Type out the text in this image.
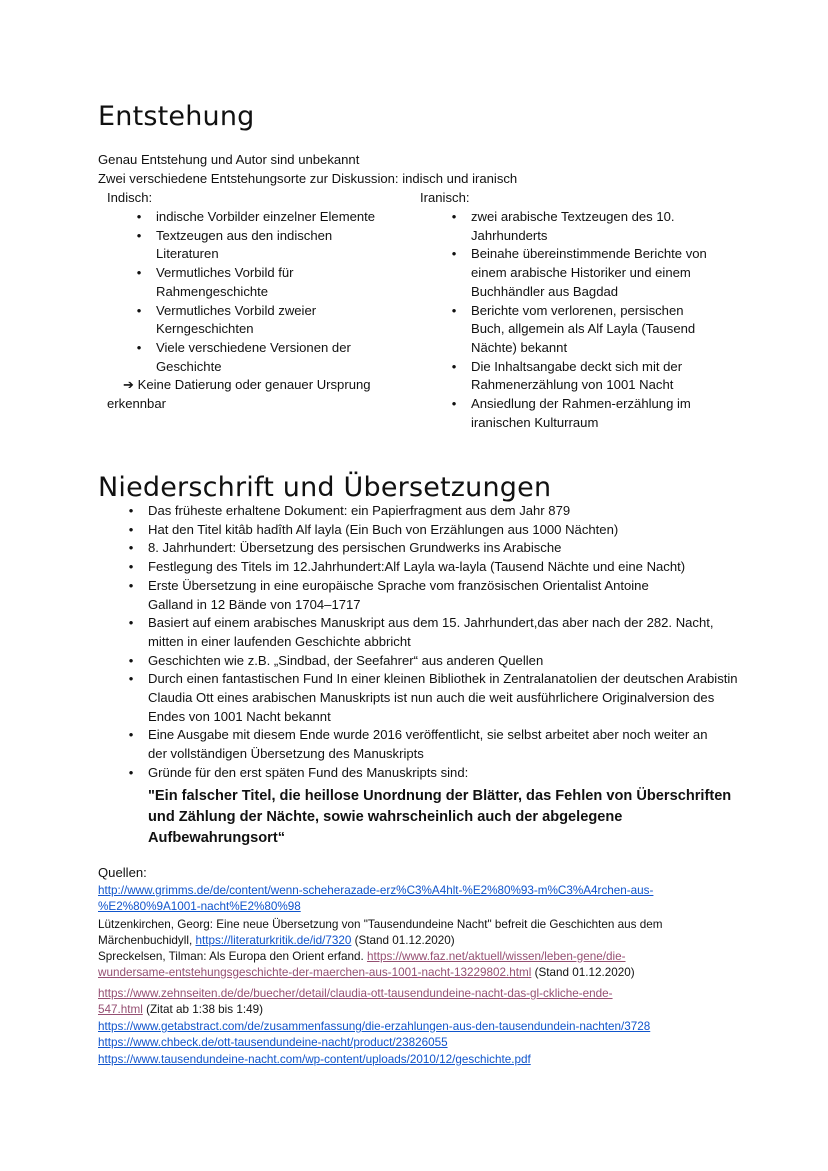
Entstehung
Genau Entstehung und Autor sind unbekannt
Zwei verschiedene Entstehungsorte zur Diskussion: indisch und iranisch
Indisch:	Iranisch:
• indische Vorbilder einzelner Elemente
• Textzeugen aus den indischen Literaturen
• Vermutliches Vorbild für Rahmengeschichte
• Vermutliches Vorbild zweier Kerngeschichten
• Viele verschiedene Versionen der Geschichte
➔ Keine Datierung oder genauer Ursprung erkennbar
• zwei arabische Textzeugen des 10. Jahrhunderts
• Beinahe übereinstimmende Berichte von einem arabische Historiker und einem Buchhändler aus Bagdad
• Berichte vom verlorenen, persischen Buch, allgemein als Alf Layla (Tausend Nächte) bekannt
• Die Inhaltsangabe deckt sich mit der Rahmenerzählung von 1001 Nacht
• Ansiedlung der Rahmen-erzählung im iranischen Kulturraum
Niederschrift und Übersetzungen
• Das früheste erhaltene Dokument: ein Papierfragment aus dem Jahr 879
• Hat den Titel kitâb hadîth Alf layla (Ein Buch von Erzählungen aus 1000 Nächten)
• 8. Jahrhundert: Übersetzung des persischen Grundwerks ins Arabische
• Festlegung des Titels im 12.Jahrhundert:Alf Layla wa-layla (Tausend Nächte und eine Nacht)
• Erste Übersetzung in eine europäische Sprache vom französischen Orientalist Antoine Galland in 12 Bände von 1704–1717
• Basiert auf einem arabisches Manuskript aus dem 15. Jahrhundert,das aber nach der 282. Nacht, mitten in einer laufenden Geschichte abbricht
• Geschichten wie z.B. „Sindbad, der Seefahrer“ aus anderen Quellen
• Durch einen fantastischen Fund In einer kleinen Bibliothek in Zentralanatolien der deutschen Arabistin Claudia Ott eines arabischen Manuskripts ist nun auch die weit ausführlichere Originalversion des Endes von 1001 Nacht bekannt
• Eine Ausgabe mit diesem Ende wurde 2016 veröffentlicht, sie selbst arbeitet aber noch weiter an der vollständigen Übersetzung des Manuskripts
• Gründe für den erst späten Fund des Manuskripts sind:
"Ein falscher Titel, die heillose Unordnung der Blätter, das Fehlen von Überschriften und Zählung der Nächte, sowie wahrscheinlich auch der abgelegene Aufbewahrungsort“
Quellen:
http://www.grimms.de/de/content/wenn-scheherazade-erz%C3%A4hlt-%E2%80%93-m%C3%A4rchen-aus-
%E2%80%9A1001-nacht%E2%80%98
Lützenkirchen, Georg: Eine neue Übersetzung von "Tausendundeine Nacht" befreit die Geschichten aus dem
Märchenbuchidyll, https://literaturkritik.de/id/7320 (Stand 01.12.2020)
Spreckelsen, Tilman: Als Europa den Orient erfand. https://www.faz.net/aktuell/wissen/leben-gene/die-
wundersame-entstehungsgeschichte-der-maerchen-aus-1001-nacht-13229802.html (Stand 01.12.2020)
https://www.zehnseiten.de/de/buecher/detail/claudia-ott-tausendundeine-nacht-das-gl-ckliche-ende-
547.html (Zitat ab 1:38 bis 1:49)
https://www.getabstract.com/de/zusammenfassung/die-erzahlungen-aus-den-tausendundein-nachten/3728
https://www.chbeck.de/ott-tausendundeine-nacht/product/23826055
https://www.tausendundeine-nacht.com/wp-content/uploads/2010/12/geschichte.pdf
